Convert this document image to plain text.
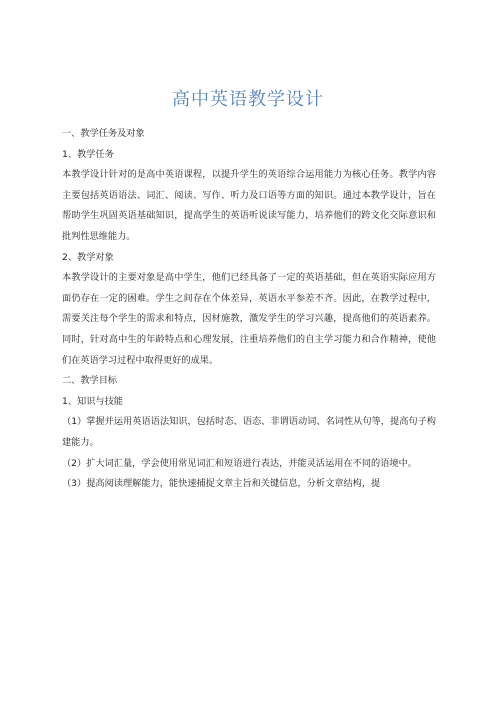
高中英语教学设计

一、教学任务及对象

1、教学任务

本教学设计针对的是高中英语课程，以提升学生的英语综合运用能力为核心任务。教学内容主要包括英语语法、词汇、阅读、写作、听力及口语等方面的知识。通过本教学设计，旨在帮助学生巩固英语基础知识，提高学生的英语听说读写能力，培养他们的跨文化交际意识和批判性思维能力。

2、教学对象

本教学设计的主要对象是高中学生，他们已经具备了一定的英语基础，但在英语实际应用方面仍存在一定的困难。学生之间存在个体差异，英语水平参差不齐。因此，在教学过程中，需要关注每个学生的需求和特点，因材施教，激发学生的学习兴趣，提高他们的英语素养。同时，针对高中生的年龄特点和心理发展，注重培养他们的自主学习能力和合作精神，使他们在英语学习过程中取得更好的成果。

二、教学目标

1、知识与技能

（1）掌握并运用英语语法知识，包括时态、语态、非谓语动词、名词性从句等，提高句子构建能力。

（2）扩大词汇量，学会使用常见词汇和短语进行表达，并能灵活运用在不同的语境中。

（3）提高阅读理解能力，能快速捕捉文章主旨和关键信息，分析文章结构，提
